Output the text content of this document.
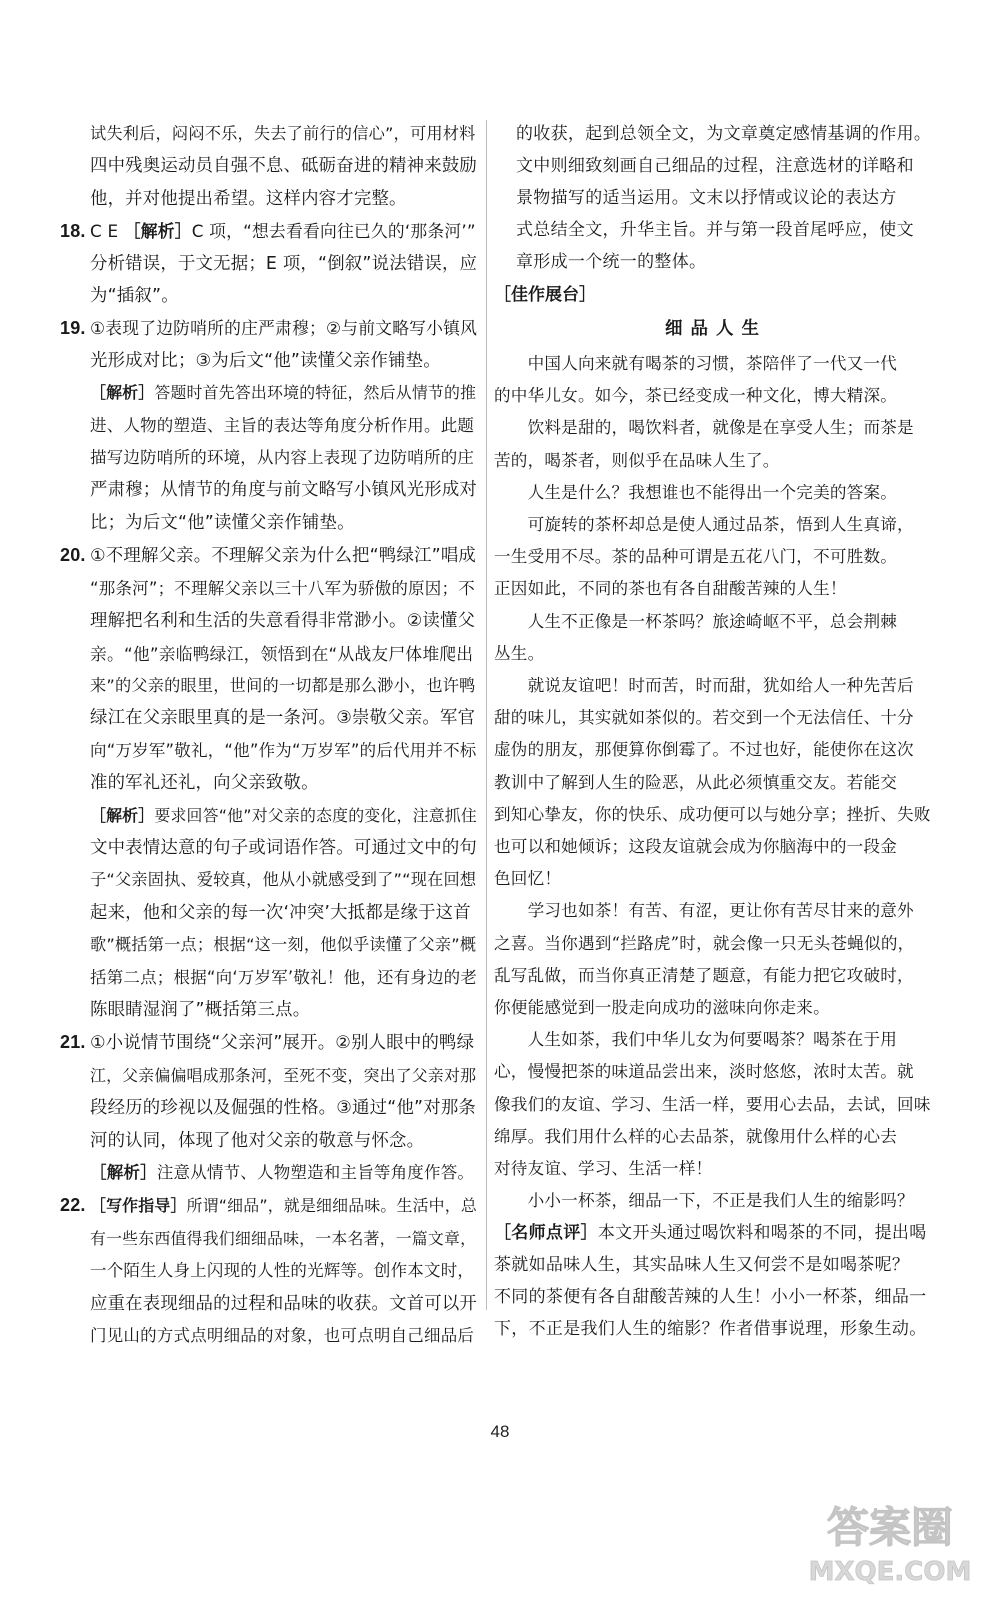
试失利后，闷闷不乐，失去了前行的信心”，可用材料

四中残奥运动员自强不息、砥砺奋进的精神来鼓励

他，并对他提出希望。这样内容才完整。

18. C E ［解析］C 项，“想去看看向往已久的‘那条河’”

分析错误，于文无据；E 项，“倒叙”说法错误，应

为“插叙”。

19. ①表现了边防哨所的庄严肃穆；②与前文略写小镇风

光形成对比；③为后文“他”读懂父亲作铺垫。

［解析］答题时首先答出环境的特征，然后从情节的推

进、人物的塑造、主旨的表达等角度分析作用。此题

描写边防哨所的环境，从内容上表现了边防哨所的庄

严肃穆；从情节的角度与前文略写小镇风光形成对

比；为后文“他”读懂父亲作铺垫。

20. ①不理解父亲。不理解父亲为什么把“鸭绿江”唱成

“那条河”；不理解父亲以三十八军为骄傲的原因；不

理解把名利和生活的失意看得非常渺小。②读懂父

亲。“他”亲临鸭绿江，领悟到在“从战友尸体堆爬出

来”的父亲的眼里，世间的一切都是那么渺小，也许鸭

绿江在父亲眼里真的是一条河。③崇敬父亲。军官

向“万岁军”敬礼，“他”作为“万岁军”的后代用并不标

准的军礼还礼，向父亲致敬。

［解析］要求回答“他”对父亲的态度的变化，注意抓住

文中表情达意的句子或词语作答。可通过文中的句

子“父亲固执、爱较真，他从小就感受到了”“现在回想

起来，他和父亲的每一次‘冲突’大抵都是缘于这首

歌”概括第一点；根据“这一刻，他似乎读懂了父亲”概

括第二点；根据“向‘万岁军’敬礼！他，还有身边的老

陈眼睛湿润了”概括第三点。

21. ①小说情节围绕“父亲河”展开。②别人眼中的鸭绿

江，父亲偏偏唱成那条河，至死不变，突出了父亲对那

段经历的珍视以及倔强的性格。③通过“他”对那条

河的认同，体现了他对父亲的敬意与怀念。

［解析］注意从情节、人物塑造和主旨等角度作答。

22. ［写作指导］所谓“细品”，就是细细品味。生活中，总

有一些东西值得我们细细品味，一本名著，一篇文章，

一个陌生人身上闪现的人性的光辉等。创作本文时，

应重在表现细品的过程和品味的收获。文首可以开

门见山的方式点明细品的对象，也可点明自己细品后

的收获，起到总领全文，为文章奠定感情基调的作用。

文中则细致刻画自己细品的过程，注意选材的详略和

景物描写的适当运用。文末以抒情或议论的表达方

式总结全文，升华主旨。并与第一段首尾呼应，使文

章形成一个统一的整体。

［佳作展台］
细品人生

　　中国人向来就有喝茶的习惯，茶陪伴了一代又一代

的中华儿女。如今，茶已经变成一种文化，博大精深。

　　饮料是甜的，喝饮料者，就像是在享受人生；而茶是

苦的，喝茶者，则似乎在品味人生了。

　　人生是什么？我想谁也不能得出一个完美的答案。

　　可旋转的茶杯却总是使人通过品茶，悟到人生真谛，

一生受用不尽。茶的品种可谓是五花八门，不可胜数。

正因如此，不同的茶也有各自甜酸苦辣的人生！

　　人生不正像是一杯茶吗？旅途崎岖不平，总会荆棘

丛生。

　　就说友谊吧！时而苦，时而甜，犹如给人一种先苦后

甜的味儿，其实就如茶似的。若交到一个无法信任、十分

虚伪的朋友，那便算你倒霉了。不过也好，能使你在这次

教训中了解到人生的险恶，从此必须慎重交友。若能交

到知心挚友，你的快乐、成功便可以与她分享；挫折、失败

也可以和她倾诉；这段友谊就会成为你脑海中的一段金

色回忆！

　　学习也如茶！有苦、有涩，更让你有苦尽甘来的意外

之喜。当你遇到“拦路虎”时，就会像一只无头苍蝇似的，

乱写乱做，而当你真正清楚了题意，有能力把它攻破时，

你便能感觉到一股走向成功的滋味向你走来。

　　人生如茶，我们中华儿女为何要喝茶？喝茶在于用

心，慢慢把茶的味道品尝出来，淡时悠悠，浓时太苦。就

像我们的友谊、学习、生活一样，要用心去品，去试，回味

绵厚。我们用什么样的心去品茶，就像用什么样的心去

对待友谊、学习、生活一样！

　　小小一杯茶，细品一下，不正是我们人生的缩影吗？

［名师点评］本文开头通过喝饮料和喝茶的不同，提出喝

茶就如品味人生，其实品味人生又何尝不是如喝茶呢？

不同的茶便有各自甜酸苦辣的人生！小小一杯茶，细品一

下，不正是我们人生的缩影？作者借事说理，形象生动。

48
答案圈
MXQE.COM
